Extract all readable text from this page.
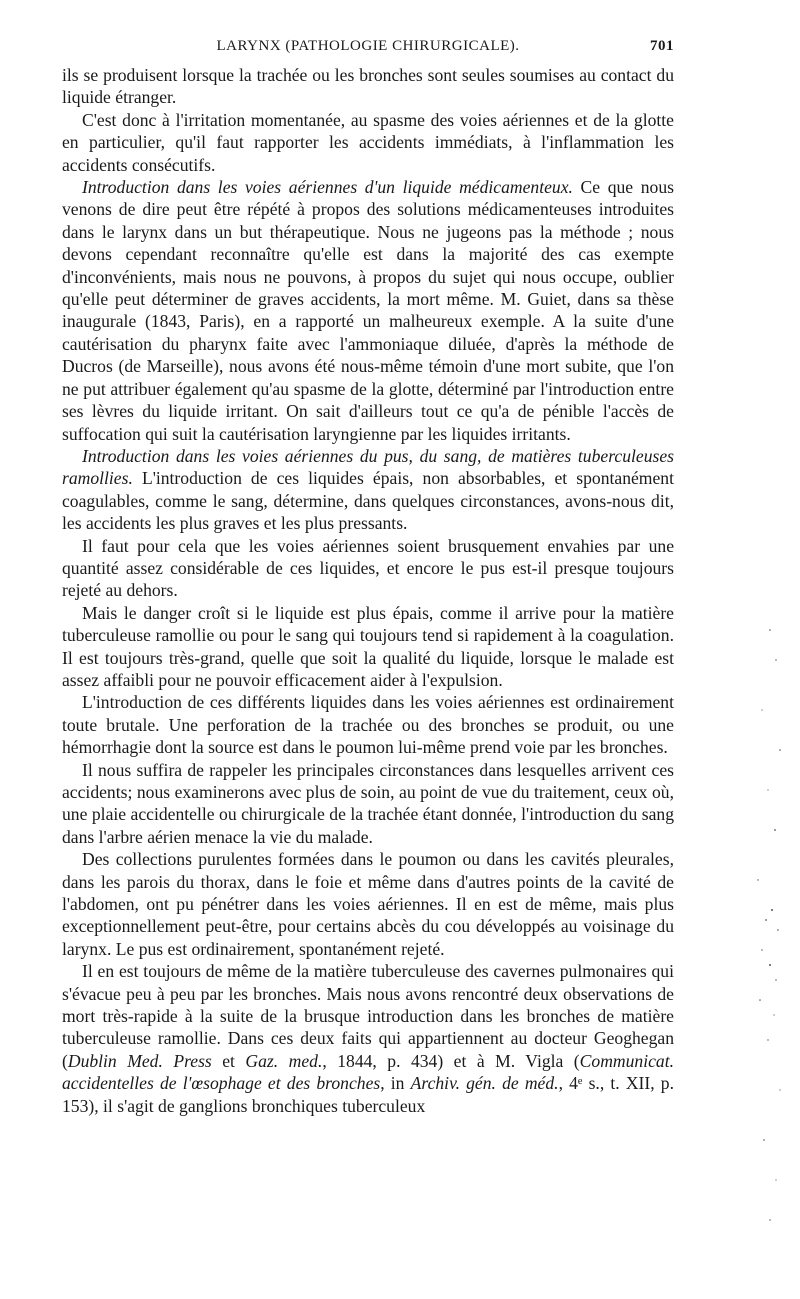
LARYNX (PATHOLOGIE CHIRURGICALE).	701

ils se produisent lorsque la trachée ou les bronches sont seules soumises au contact du liquide étranger.

C'est donc à l'irritation momentanée, au spasme des voies aériennes et de la glotte en particulier, qu'il faut rapporter les accidents immédiats, à l'inflammation les accidents consécutifs.

Introduction dans les voies aériennes d'un liquide médicamenteux. Ce que nous venons de dire peut être répété à propos des solutions médicamenteuses introduites dans le larynx dans un but thérapeutique. Nous ne jugeons pas la méthode ; nous devons cependant reconnaître qu'elle est dans la majorité des cas exempte d'inconvénients, mais nous ne pouvons, à propos du sujet qui nous occupe, oublier qu'elle peut déterminer de graves accidents, la mort même. M. Guiet, dans sa thèse inaugurale (1843, Paris), en a rapporté un malheureux exemple. A la suite d'une cautérisation du pharynx faite avec l'ammoniaque diluée, d'après la méthode de Ducros (de Marseille), nous avons été nous-même témoin d'une mort subite, que l'on ne put attribuer également qu'au spasme de la glotte, déterminé par l'introduction entre ses lèvres du liquide irritant. On sait d'ailleurs tout ce qu'a de pénible l'accès de suffocation qui suit la cautérisation laryngienne par les liquides irritants.

Introduction dans les voies aériennes du pus, du sang, de matières tuberculeuses ramollies. L'introduction de ces liquides épais, non absorbables, et spontanément coagulables, comme le sang, détermine, dans quelques circonstances, avons-nous dit, les accidents les plus graves et les plus pressants.

Il faut pour cela que les voies aériennes soient brusquement envahies par une quantité assez considérable de ces liquides, et encore le pus est-il presque toujours rejeté au dehors.

Mais le danger croît si le liquide est plus épais, comme il arrive pour la matière tuberculeuse ramollie ou pour le sang qui toujours tend si rapidement à la coagulation. Il est toujours très-grand, quelle que soit la qualité du liquide, lorsque le malade est assez affaibli pour ne pouvoir efficacement aider à l'expulsion.

L'introduction de ces différents liquides dans les voies aériennes est ordinairement toute brutale. Une perforation de la trachée ou des bronches se produit, ou une hémorrhagie dont la source est dans le poumon lui-même prend voie par les bronches.

Il nous suffira de rappeler les principales circonstances dans lesquelles arrivent ces accidents; nous examinerons avec plus de soin, au point de vue du traitement, ceux où, une plaie accidentelle ou chirurgicale de la trachée étant donnée, l'introduction du sang dans l'arbre aérien menace la vie du malade.

Des collections purulentes formées dans le poumon ou dans les cavités pleurales, dans les parois du thorax, dans le foie et même dans d'autres points de la cavité de l'abdomen, ont pu pénétrer dans les voies aériennes. Il en est de même, mais plus exceptionnellement peut-être, pour certains abcès du cou développés au voisinage du larynx. Le pus est ordinairement, spontanément rejeté.

Il en est toujours de même de la matière tuberculeuse des cavernes pulmonaires qui s'évacue peu à peu par les bronches. Mais nous avons rencontré deux observations de mort très-rapide à la suite de la brusque introduction dans les bronches de matière tuberculeuse ramollie. Dans ces deux faits qui appartiennent au docteur Geoghegan (Dublin Med. Press et Gaz. med., 1844, p. 434) et à M. Vigla (Communicat. accidentelles de l'œsophage et des bronches, in Archiv. gén. de méd., 4ᵉ s., t. XII, p. 153), il s'agit de ganglions bronchiques tuberculeux
